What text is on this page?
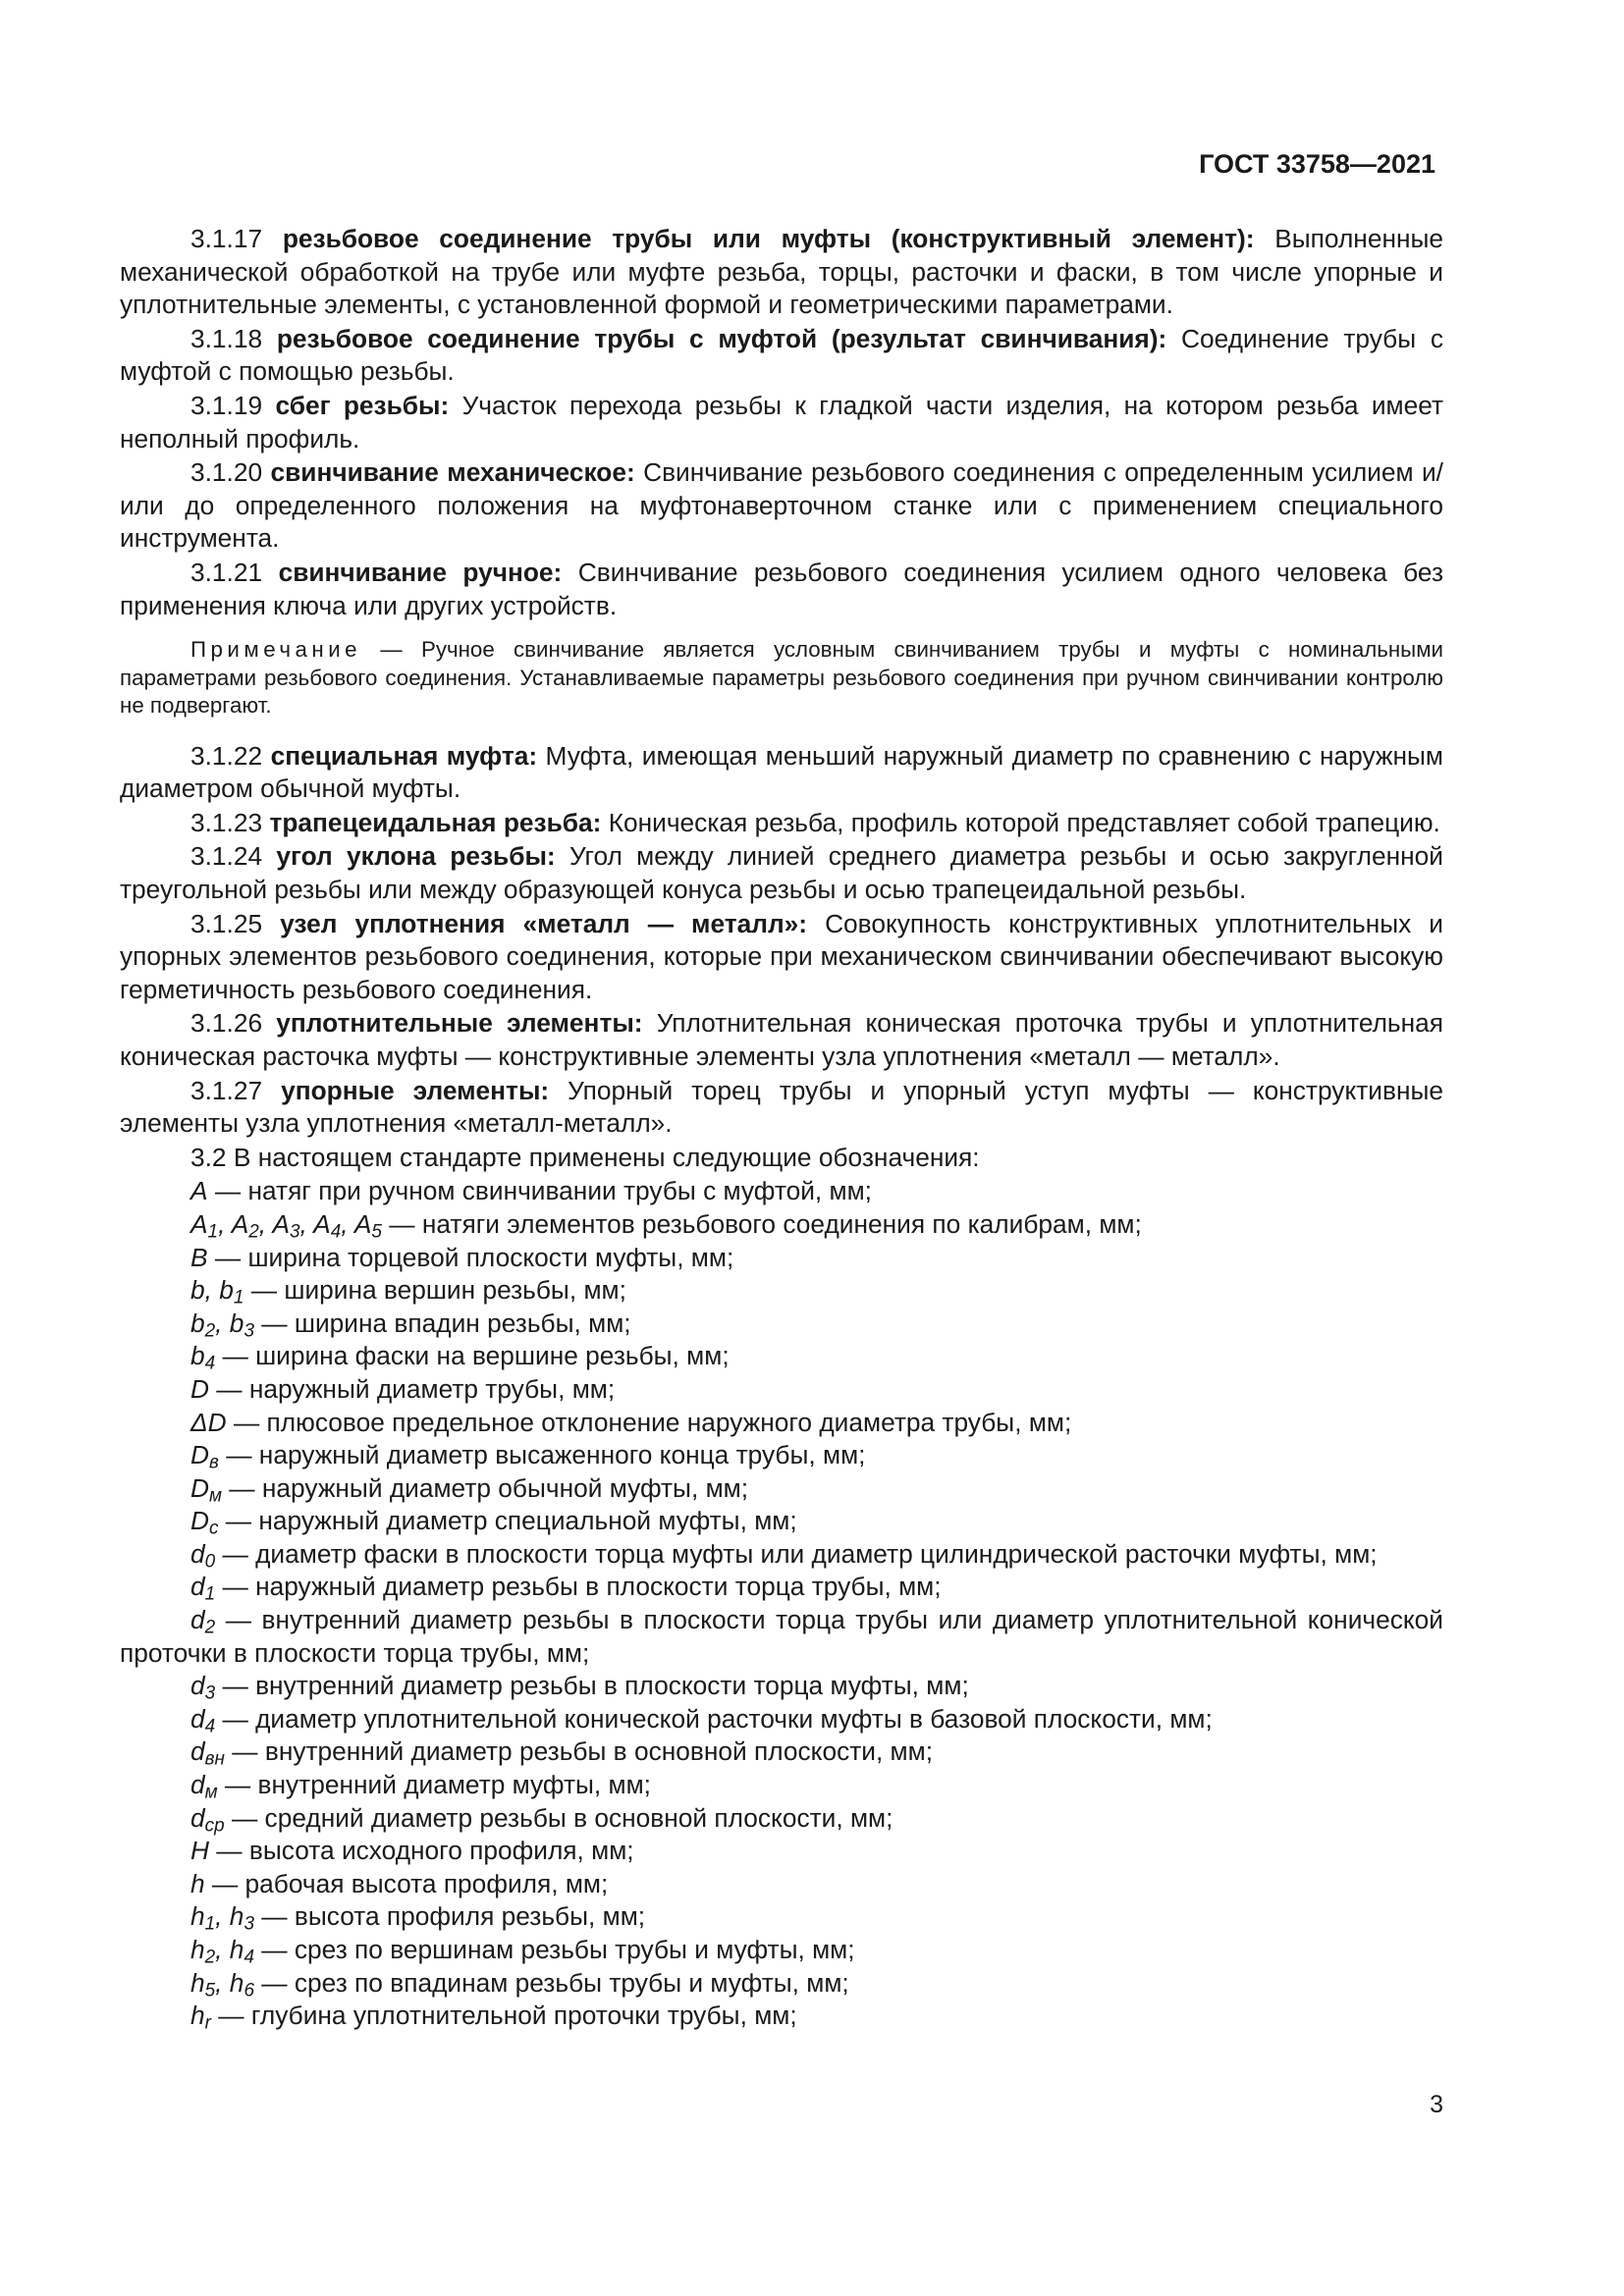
ГОСТ 33758—2021

3.1.17 резьбовое соединение трубы или муфты (конструктивный элемент): Выполненные механической обработкой на трубе или муфте резьба, торцы, расточки и фаски, в том числе упорные и уплотнительные элементы, с установленной формой и геометрическими параметрами.

3.1.18 резьбовое соединение трубы с муфтой (результат свинчивания): Соединение трубы с муфтой с помощью резьбы.

3.1.19 сбег резьбы: Участок перехода резьбы к гладкой части изделия, на котором резьба имеет неполный профиль.

3.1.20 свинчивание механическое: Свинчивание резьбового соединения с определенным усилием и/или до определенного положения на муфтонаверточном станке или с применением специального инструмента.

3.1.21 свинчивание ручное: Свинчивание резьбового соединения усилием одного человека без применения ключа или других устройств.

Примечание — Ручное свинчивание является условным свинчиванием трубы и муфты с номинальными параметрами резьбового соединения. Устанавливаемые параметры резьбового соединения при ручном свинчивании контролю не подвергают.

3.1.22 специальная муфта: Муфта, имеющая меньший наружный диаметр по сравнению с наружным диаметром обычной муфты.

3.1.23 трапецеидальная резьба: Коническая резьба, профиль которой представляет собой трапецию.

3.1.24 угол уклона резьбы: Угол между линией среднего диаметра резьбы и осью закругленной треугольной резьбы или между образующей конуса резьбы и осью трапецеидальной резьбы.

3.1.25 узел уплотнения «металл — металл»: Совокупность конструктивных уплотнительных и упорных элементов резьбового соединения, которые при механическом свинчивании обеспечивают высокую герметичность резьбового соединения.

3.1.26 уплотнительные элементы: Уплотнительная коническая проточка трубы и уплотнительная коническая расточка муфты — конструктивные элементы узла уплотнения «металл — металл».

3.1.27 упорные элементы: Упорный торец трубы и упорный уступ муфты — конструктивные элементы узла уплотнения «металл-металл».

3.2 В настоящем стандарте применены следующие обозначения:

A — натяг при ручном свинчивании трубы с муфтой, мм;

$A_1$, $A_2$, $A_3$, $A_4$, $A_5$ — натяги элементов резьбового соединения по калибрам, мм;

B — ширина торцевой плоскости муфты, мм;

b, $b_1$ — ширина вершин резьбы, мм;

$b_2$, $b_3$ — ширина впадин резьбы, мм;

$b_4$ — ширина фаски на вершине резьбы, мм;

D — наружный диаметр трубы, мм;

ΔD — плюсовое предельное отклонение наружного диаметра трубы, мм;

$D_в$ — наружный диаметр высаженного конца трубы, мм;

$D_м$ — наружный диаметр обычной муфты, мм;

$D_с$ — наружный диаметр специальной муфты, мм;

$d_0$ — диаметр фаски в плоскости торца муфты или диаметр цилиндрической расточки муфты, мм;

$d_1$ — наружный диаметр резьбы в плоскости торца трубы, мм;

$d_2$ — внутренний диаметр резьбы в плоскости торца трубы или диаметр уплотнительной конической проточки в плоскости торца трубы, мм;

$d_3$ — внутренний диаметр резьбы в плоскости торца муфты, мм;

$d_4$ — диаметр уплотнительной конической расточки муфты в базовой плоскости, мм;

$d_{вн}$ — внутренний диаметр резьбы в основной плоскости, мм;

$d_м$ — внутренний диаметр муфты, мм;

$d_{ср}$ — средний диаметр резьбы в основной плоскости, мм;

H — высота исходного профиля, мм;

h — рабочая высота профиля, мм;

$h_1$, $h_3$ — высота профиля резьбы, мм;

$h_2$, $h_4$ — срез по вершинам резьбы трубы и муфты, мм;

$h_5$, $h_6$ — срез по впадинам резьбы трубы и муфты, мм;

$h_r$ — глубина уплотнительной проточки трубы, мм;

3
